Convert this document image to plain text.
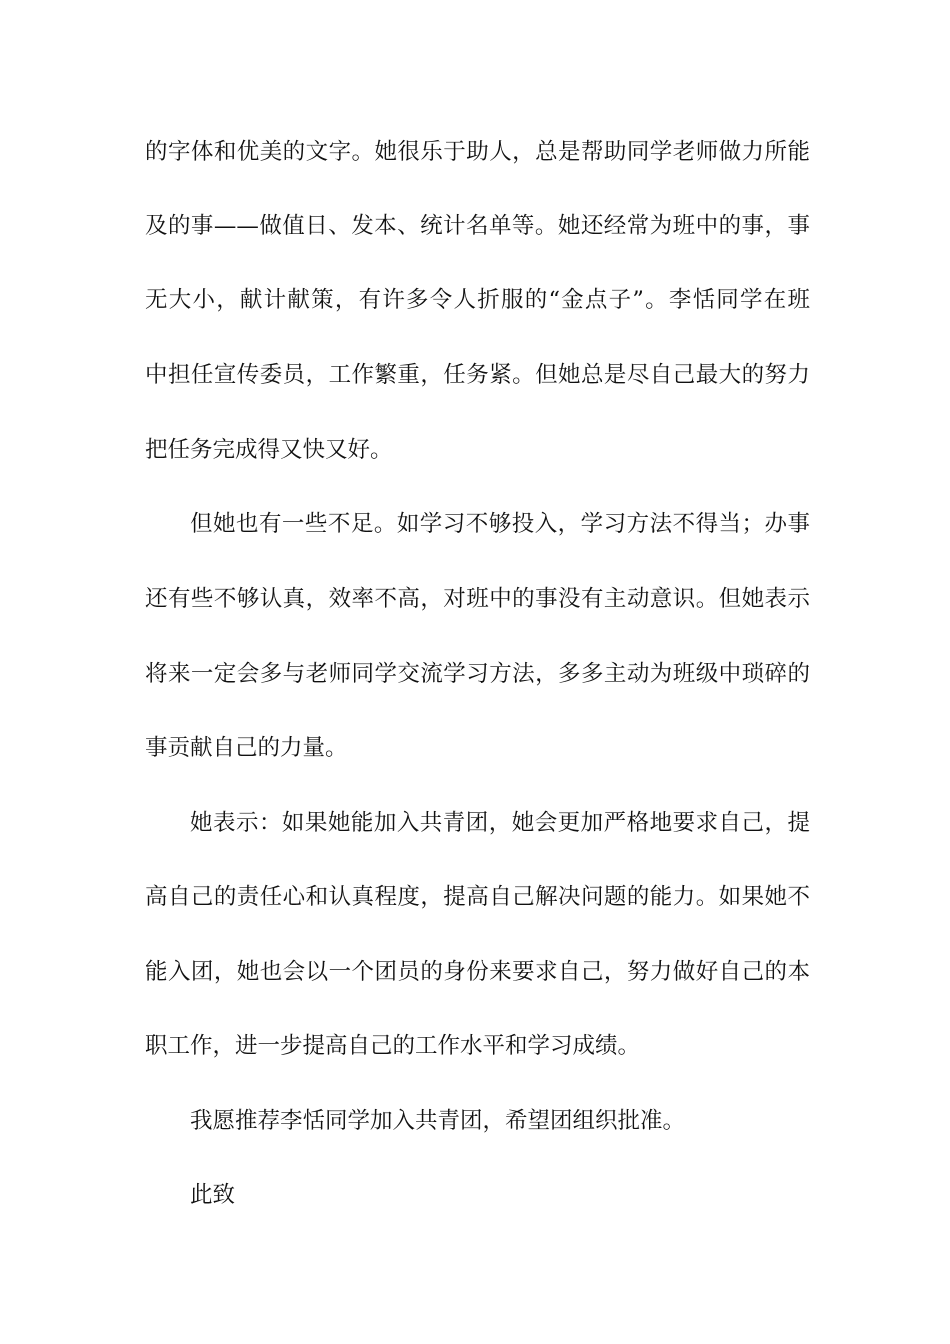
的字体和优美的文字。她很乐于助人，总是帮助同学老师做力所能
及的事——做值日、发本、统计名单等。她还经常为班中的事，事
无大小，献计献策，有许多令人折服的“金点子”。李恬同学在班
中担任宣传委员，工作繁重，任务紧。但她总是尽自己最大的努力
把任务完成得又快又好。
但她也有一些不足。如学习不够投入，学习方法不得当；办事
还有些不够认真，效率不高，对班中的事没有主动意识。但她表示
将来一定会多与老师同学交流学习方法，多多主动为班级中琐碎的
事贡献自己的力量。
她表示：如果她能加入共青团，她会更加严格地要求自己，提
高自己的责任心和认真程度，提高自己解决问题的能力。如果她不
能入团，她也会以一个团员的身份来要求自己，努力做好自己的本
职工作，进一步提高自己的工作水平和学习成绩。
我愿推荐李恬同学加入共青团，希望团组织批准。
此致
